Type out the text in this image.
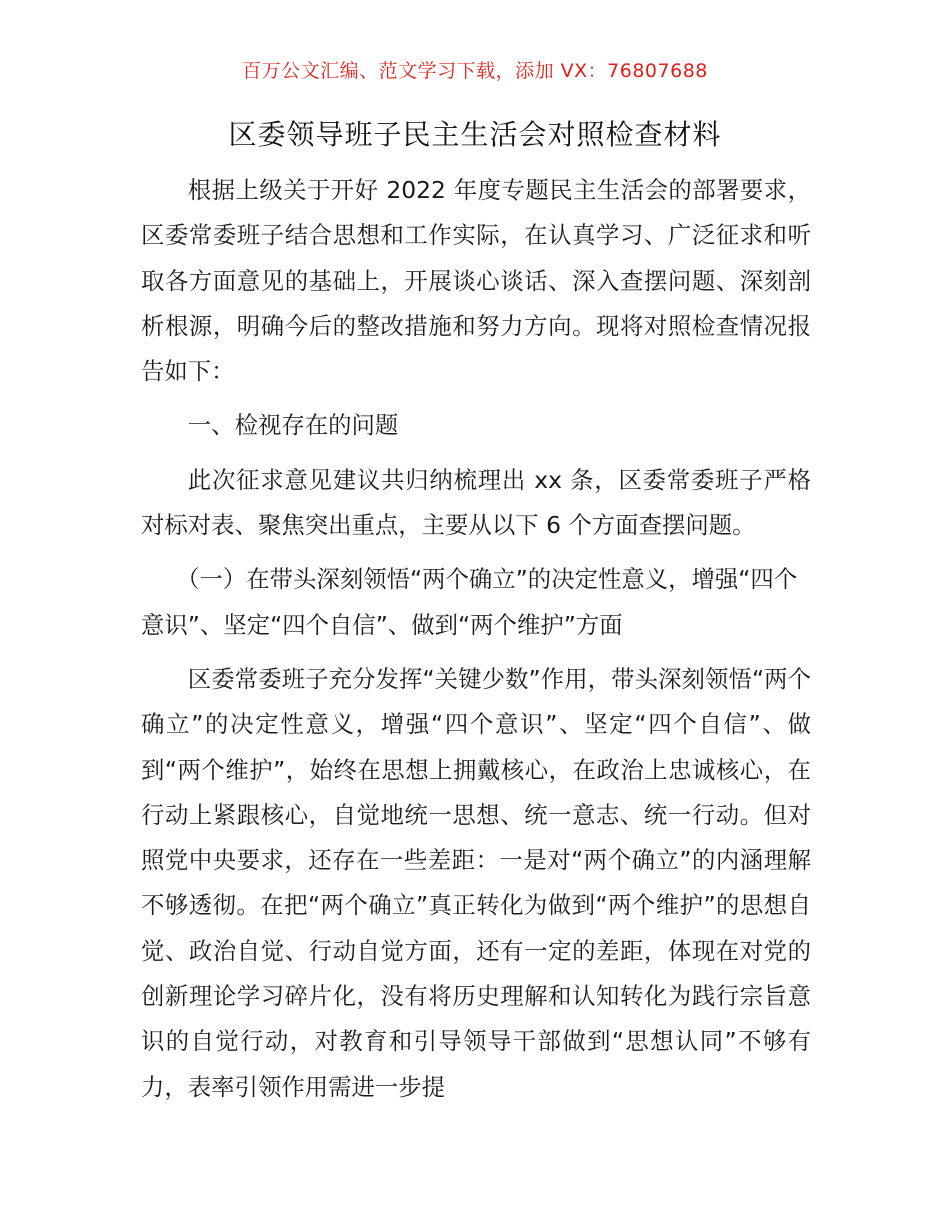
百万公文汇编、范文学习下载，添加 VX：76807688
区委领导班子民主生活会对照检查材料

根据上级关于开好 2022 年度专题民主生活会的部署要求，区委常委班子结合思想和工作实际，在认真学习、广泛征求和听取各方面意见的基础上，开展谈心谈话、深入查摆问题、深刻剖析根源，明确今后的整改措施和努力方向。现将对照检查情况报告如下：

一、检视存在的问题

此次征求意见建议共归纳梳理出 xx 条，区委常委班子严格对标对表、聚焦突出重点，主要从以下 6 个方面查摆问题。

（一）在带头深刻领悟“两个确立”的决定性意义，增强“四个意识”、坚定“四个自信”、做到“两个维护”方面

区委常委班子充分发挥“关键少数”作用，带头深刻领悟“两个确立”的决定性意义，增强“四个意识”、坚定“四个自信”、做到“两个维护”，始终在思想上拥戴核心，在政治上忠诚核心，在行动上紧跟核心，自觉地统一思想、统一意志、统一行动。但对照党中央要求，还存在一些差距：一是对“两个确立”的内涵理解不够透彻。在把“两个确立”真正转化为做到“两个维护”的思想自觉、政治自觉、行动自觉方面，还有一定的差距，体现在对党的创新理论学习碎片化，没有将历史理解和认知转化为践行宗旨意识的自觉行动，对教育和引导领导干部做到“思想认同”不够有力，表率引领作用需进一步提
